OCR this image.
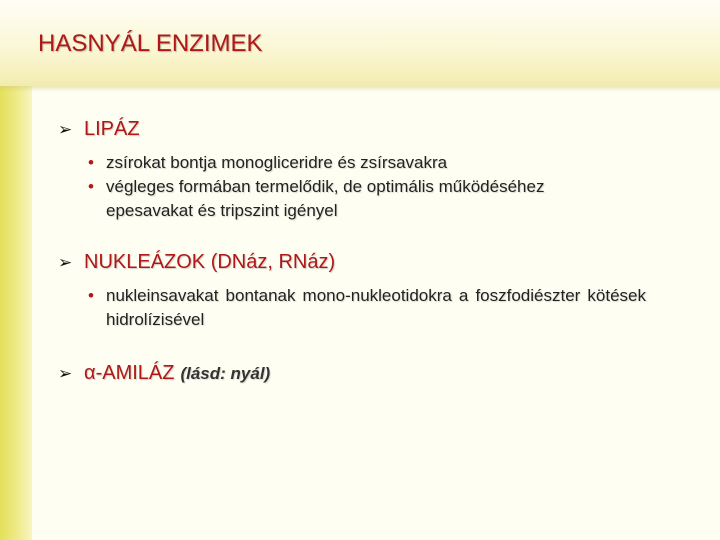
HASNYÁL ENZIMEK
➢ LIPÁZ
• zsírokat bontja monogliceridre és zsírsavakra
• végleges formában termelődik, de optimális működéséhez epesavakat és tripszint igényel
➢ NUKLEÁZOK (DNáz, RNáz)
• nukleinsavakat bontanak mono-nukleotidokra a foszfodiészter kötések hidrolízisével
➢ α-AMILÁZ (lásd: nyál)
